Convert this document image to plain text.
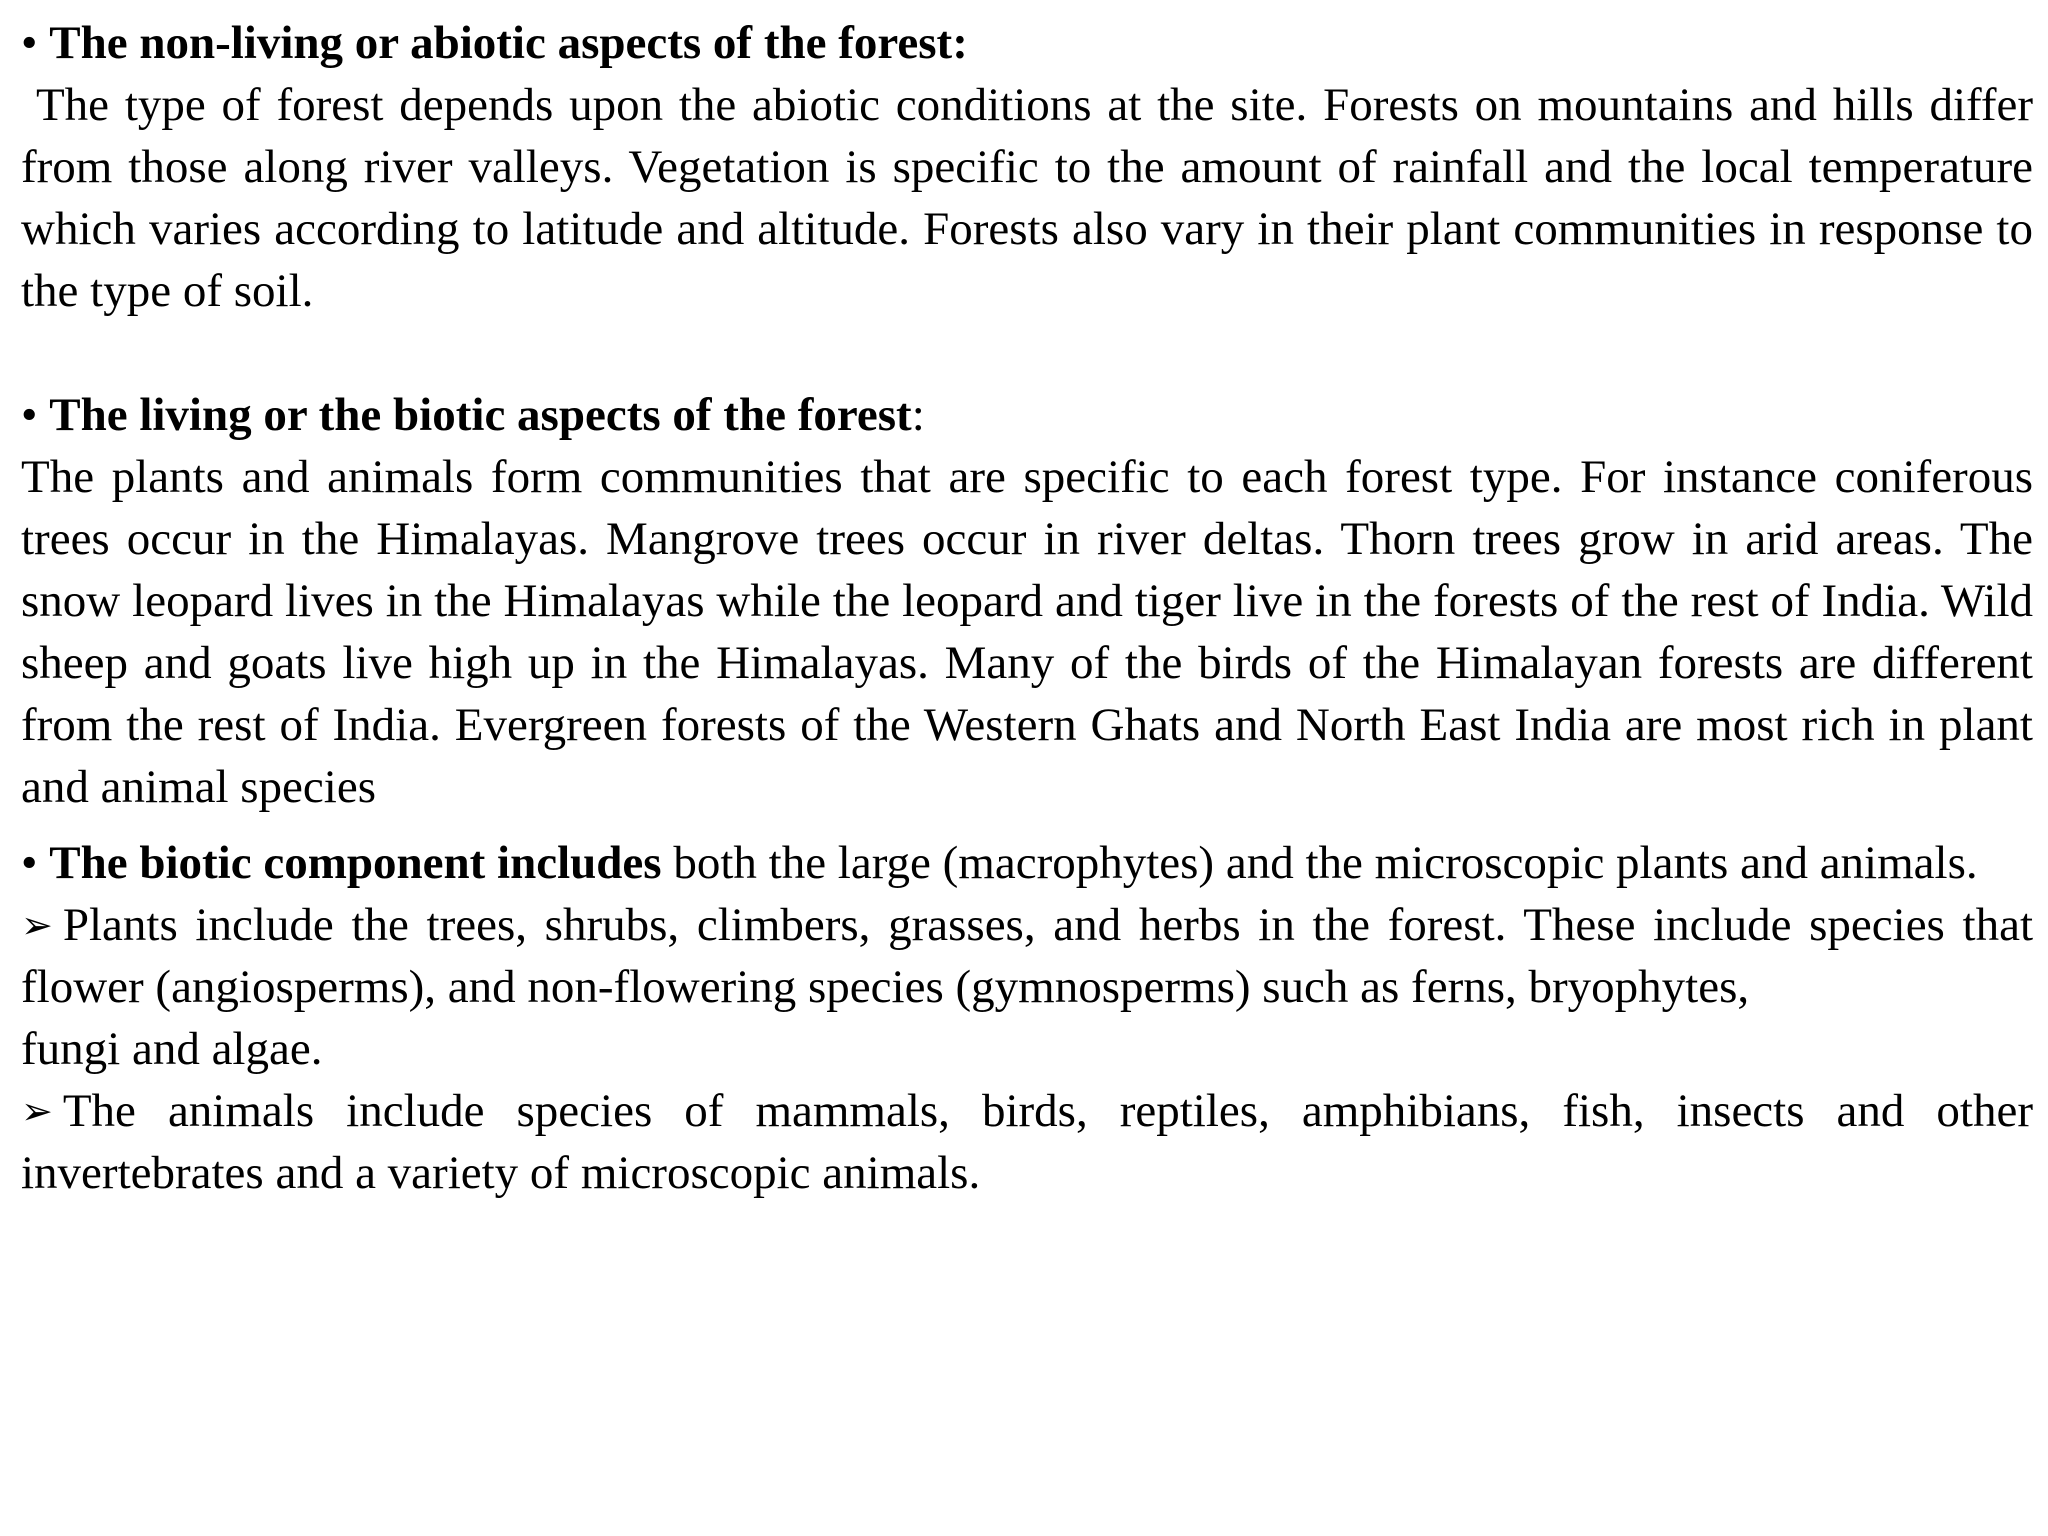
• The non-living or abiotic aspects of the forest:

The type of forest depends upon the abiotic conditions at the site. Forests on mountains and hills differ from those along river valleys. Vegetation is specific to the amount of rainfall and the local temperature which varies according to latitude and altitude. Forests also vary in their plant communities in response to the type of soil.

• The living or the biotic aspects of the forest:

The plants and animals form communities that are specific to each forest type. For instance coniferous trees occur in the Himalayas. Mangrove trees occur in river deltas. Thorn trees grow in arid areas. The snow leopard lives in the Himalayas while the leopard and tiger live in the forests of the rest of India. Wild sheep and goats live high up in the Himalayas. Many of the birds of the Himalayan forests are different from the rest of India. Evergreen forests of the Western Ghats and North East India are most rich in plant and animal species

• The biotic component includes both the large (macrophytes) and the microscopic plants and animals.

➢ Plants include the trees, shrubs, climbers, grasses, and herbs in the forest. These include species that flower (angiosperms), and non-flowering species (gymnosperms) such as ferns, bryophytes,

fungi and algae.

➢ The animals include species of mammals, birds, reptiles, amphibians, fish, insects and other invertebrates and a variety of microscopic animals.
